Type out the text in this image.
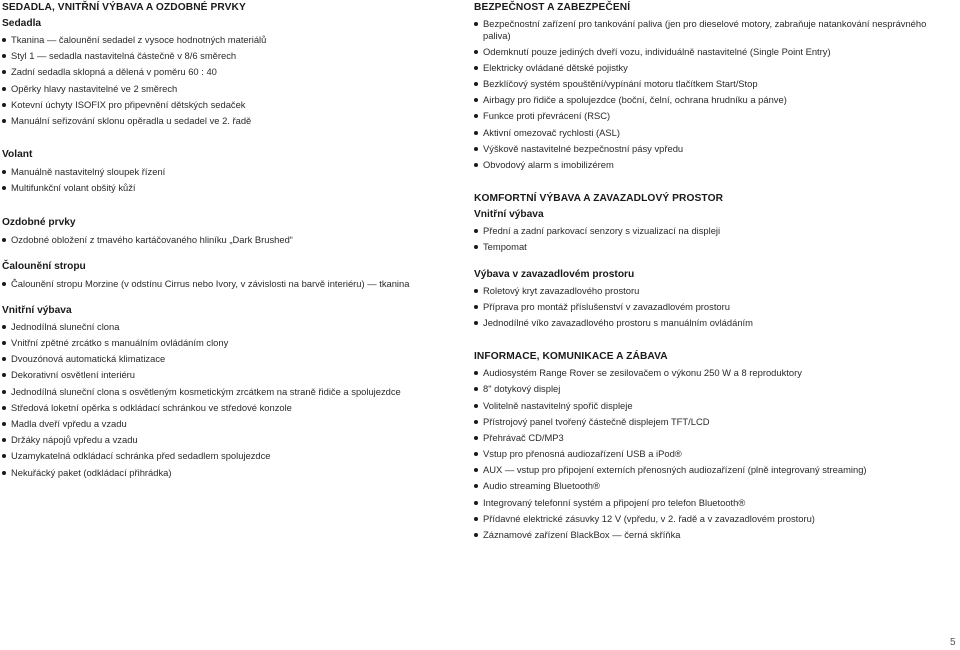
SEDADLA, VNITŘNÍ VÝBAVA A OZDOBNÉ PRVKY
Sedadla
Tkanina — čalounění sedadel z vysoce hodnotných materiálů
Styl 1 — sedadla nastavitelná částečně v 8/6 směrech
Zadní sedadla sklopná a dělená v poměru 60 : 40
Opěrky hlavy nastavitelné ve 2 směrech
Kotevní úchyty ISOFIX pro připevnění dětských sedaček
Manuální seřizování sklonu opěradla u sedadel ve 2. řadě
Volant
Manuálně nastavitelný sloupek řízení
Multifunkční volant obšitý kůží
Ozdobné prvky
Ozdobné obložení z tmavého kartáčovaného hliníku „Dark Brushed“
Čalounění stropu
Čalounění stropu Morzine (v odstínu Cirrus nebo Ivory, v závislosti na barvě interiéru) — tkanina
Vnitřní výbava
Jednodílná sluneční clona
Vnitřní zpětné zrcátko s manuálním ovládáním clony
Dvouzónová automatická klimatizace
Dekorativní osvětlení interiéru
Jednodílná sluneční clona s osvětleným kosmetickým zrcátkem na straně řidiče a spolujezdce
Středová loketní opěrka s odkládací schránkou ve středové konzole
Madla dveří vpředu a vzadu
Držáky nápojů vpředu a vzadu
Uzamykatelná odkládací schránka před sedadlem spolujezdce
Nekuřácký paket (odkládací přihrádka)
BEZPEČNOST A ZABEZPEČENÍ
Bezpečnostní zařízení pro tankování paliva (jen pro dieselové motory, zabraňuje natankování nesprávného paliva)
Odemknutí pouze jediných dveří vozu, individuálně nastavitelné (Single Point Entry)
Elektricky ovládané dětské pojistky
Bezklíčový systém spouštění/vypínání motoru tlačítkem Start/Stop
Airbagy pro řidiče a spolujezdce (boční, čelní, ochrana hrudníku a pánve)
Funkce proti převrácení (RSC)
Aktivní omezovač rychlosti (ASL)
Výškově nastavitelné bezpečnostní pásy vpředu
Obvodový alarm s imobilizérem
KOMFORTNÍ VÝBAVA A ZAVAZADLOVÝ PROSTOR
Vnitřní výbava
Přední a zadní parkovací senzory s vizualizací na displeji
Tempomat
Výbava v zavazadlovém prostoru
Roletový kryt zavazadlového prostoru
Příprava pro montáž příslušenství v zavazadlovém prostoru
Jednodílné víko zavazadlového prostoru s manuálním ovládáním
INFORMACE, KOMUNIKACE A ZÁBAVA
Audiosystém Range Rover se zesilovačem o výkonu 250 W a 8 reproduktory
8" dotykový displej
Volitelně nastavitelný spořič displeje
Přístrojový panel tvořený částečně displejem TFT/LCD
Přehrávač CD/MP3
Vstup pro přenosná audiozařízení USB a iPod®
AUX — vstup pro připojení externích přenosných audiozařízení (plně integrovaný streaming)
Audio streaming Bluetooth®
Integrovaný telefonní systém a připojení pro telefon Bluetooth®
Přídavné elektrické zásuvky 12 V (vpředu, v 2. řadě a v zavazadlovém prostoru)
Záznamové zařízení BlackBox — černá skříňka
5
